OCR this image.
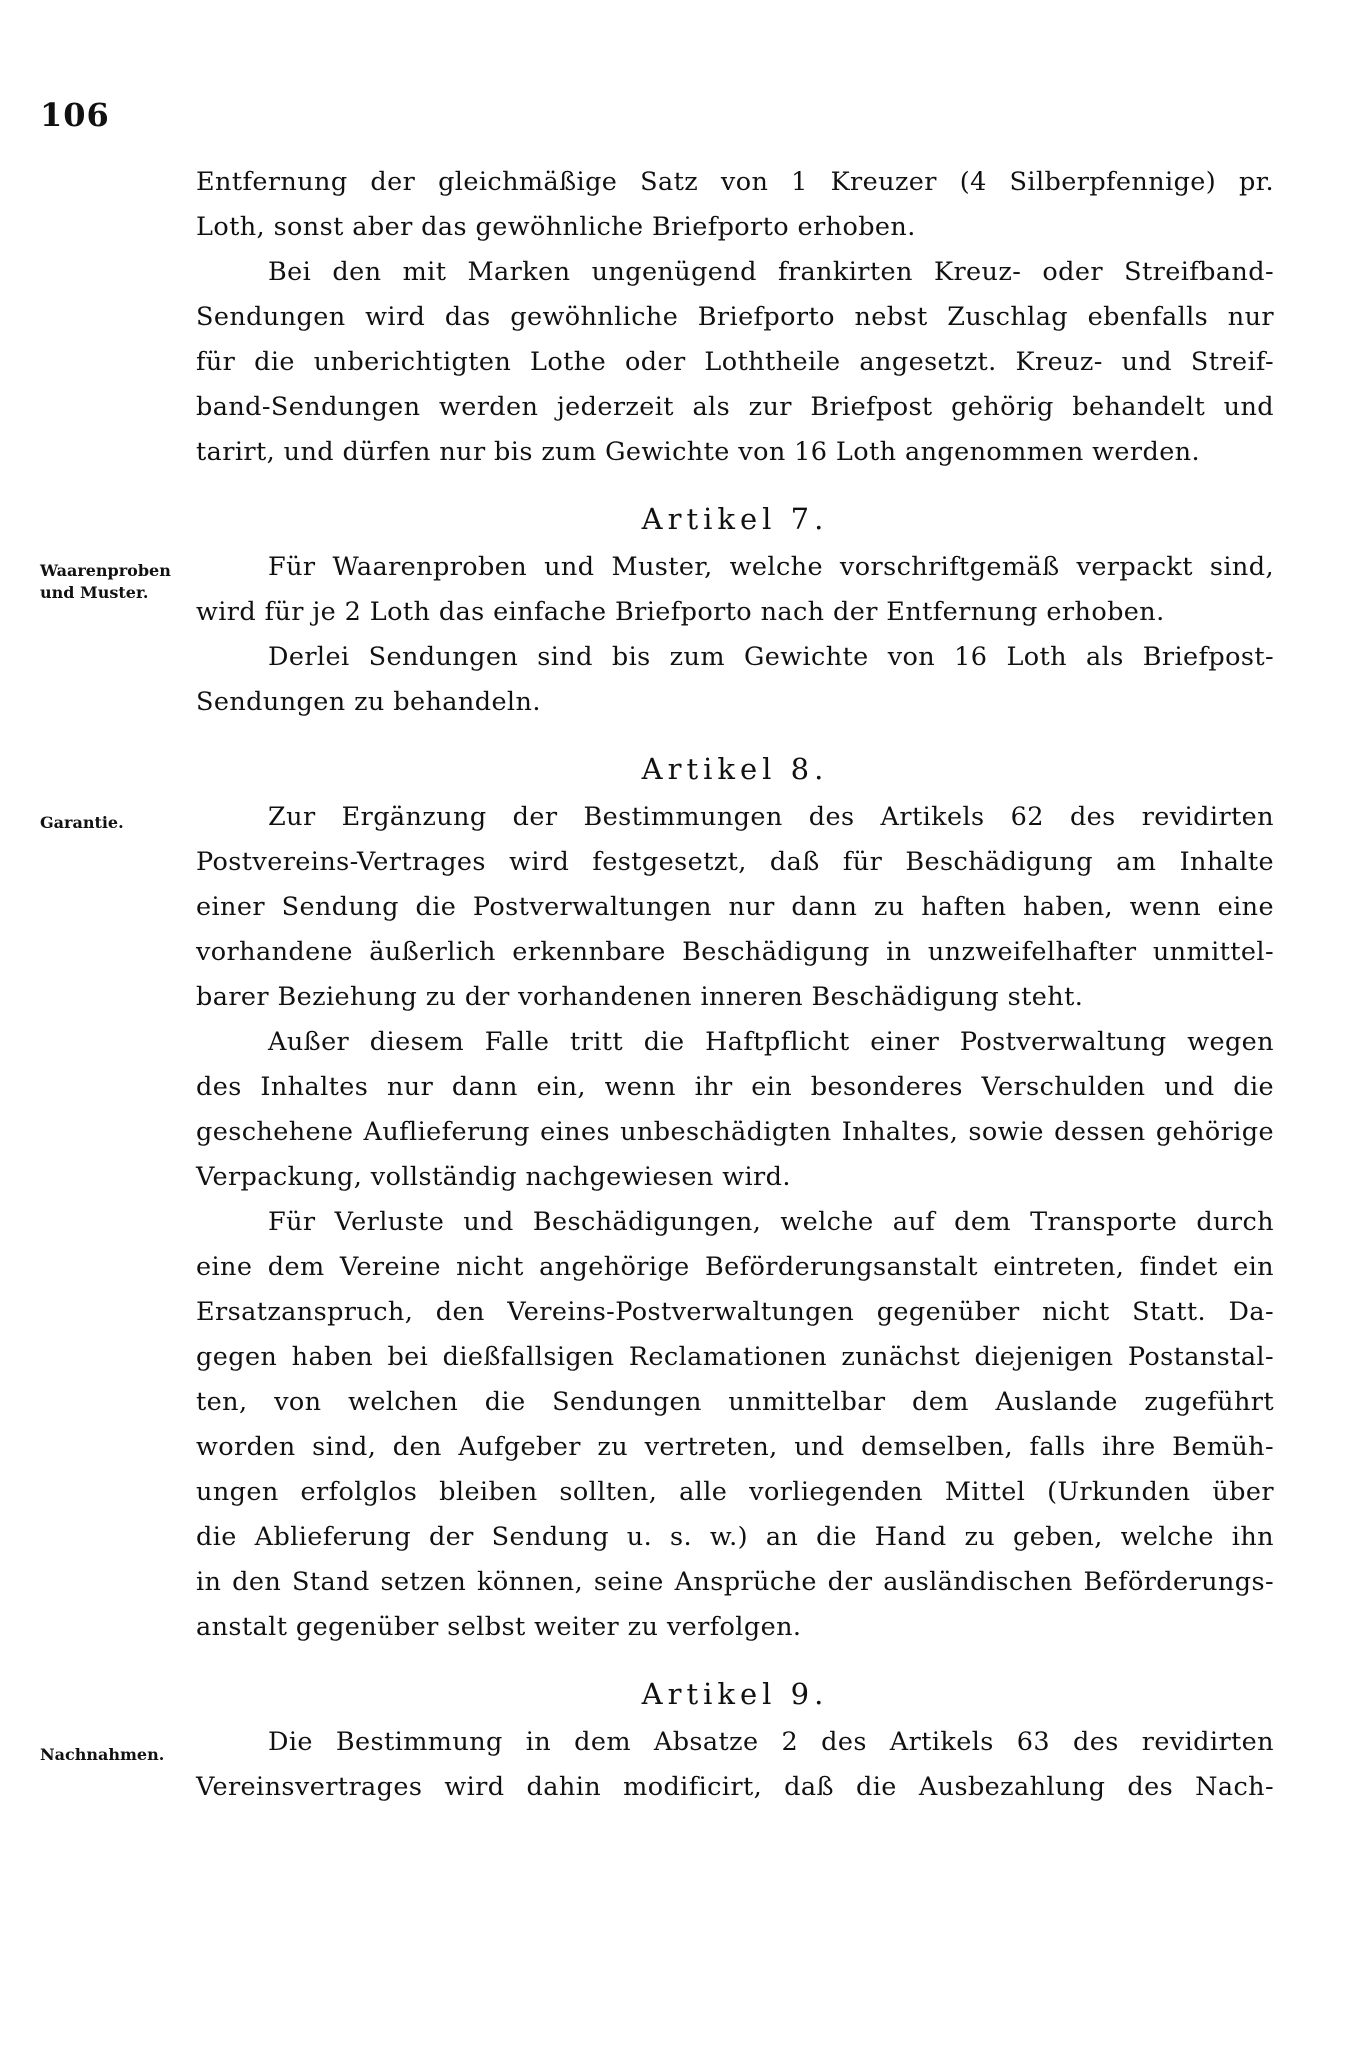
106
Waarenproben und Muster.
Garantie.
Nachnahmen.
Entfernung der gleichmäßige Satz von 1 Kreuzer (4 Silberpfennige) pr.
Loth, sonst aber das gewöhnliche Briefporto erhoben.
Bei den mit Marken ungenügend frankirten Kreuz- oder Streifband-
Sendungen wird das gewöhnliche Briefporto nebst Zuschlag ebenfalls nur
für die unberichtigten Lothe oder Loththeile angesetzt. Kreuz- und Streif-
band-Sendungen werden jederzeit als zur Briefpost gehörig behandelt und
tarirt, und dürfen nur bis zum Gewichte von 16 Loth angenommen werden.
Artikel 7.
Für Waarenproben und Muster, welche vorschriftgemäß verpackt sind,
wird für je 2 Loth das einfache Briefporto nach der Entfernung erhoben.
Derlei Sendungen sind bis zum Gewichte von 16 Loth als Briefpost-
Sendungen zu behandeln.
Artikel 8.
Zur Ergänzung der Bestimmungen des Artikels 62 des revidirten
Postvereins-Vertrages wird festgesetzt, daß für Beschädigung am Inhalte
einer Sendung die Postverwaltungen nur dann zu haften haben, wenn eine
vorhandene äußerlich erkennbare Beschädigung in unzweifelhafter unmittel-
barer Beziehung zu der vorhandenen inneren Beschädigung steht.
Außer diesem Falle tritt die Haftpflicht einer Postverwaltung wegen
des Inhaltes nur dann ein, wenn ihr ein besonderes Verschulden und die
geschehene Auflieferung eines unbeschädigten Inhaltes, sowie dessen gehörige
Verpackung, vollständig nachgewiesen wird.
Für Verluste und Beschädigungen, welche auf dem Transporte durch
eine dem Vereine nicht angehörige Beförderungsanstalt eintreten, findet ein
Ersatzanspruch, den Vereins-Postverwaltungen gegenüber nicht Statt. Da-
gegen haben bei dießfallsigen Reclamationen zunächst diejenigen Postanstal-
ten, von welchen die Sendungen unmittelbar dem Auslande zugeführt
worden sind, den Aufgeber zu vertreten, und demselben, falls ihre Bemüh-
ungen erfolglos bleiben sollten, alle vorliegenden Mittel (Urkunden über
die Ablieferung der Sendung u. s. w.) an die Hand zu geben, welche ihn
in den Stand setzen können, seine Ansprüche der ausländischen Beförderungs-
anstalt gegenüber selbst weiter zu verfolgen.
Artikel 9.
Die Bestimmung in dem Absatze 2 des Artikels 63 des revidirten
Vereinsvertrages wird dahin modificirt, daß die Ausbezahlung des Nach-
